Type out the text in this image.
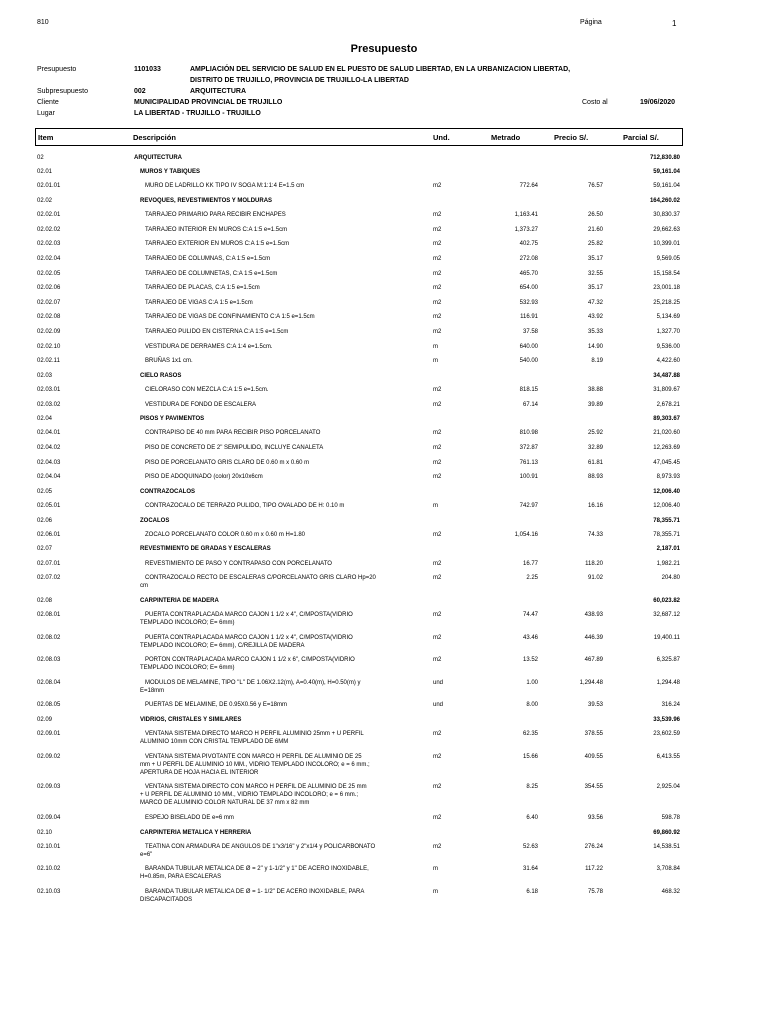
810	Página	1
Presupuesto
Presupuesto	1101033	AMPLIACIÓN DEL SERVICIO DE SALUD EN EL PUESTO DE SALUD LIBERTAD, EN LA URBANIZACION LIBERTAD,
DISTRITO DE TRUJILLO, PROVINCIA DE TRUJILLO-LA LIBERTAD
Subpresupuesto	002	ARQUITECTURA
Cliente	MUNICIPALIDAD PROVINCIAL DE TRUJILLO	Costo al	19/06/2020
Lugar	LA LIBERTAD - TRUJILLO - TRUJILLO
Item	Descripción	Und.	Metrado	Precio S/.	Parcial S/.
02	ARQUITECTURA	712,830.80
02.01	MUROS Y TABIQUES	59,161.04
02.01.01	MURO DE LADRILLO KK TIPO IV SOGA M:1:1:4 E=1.5 cm	m2	772.64	76.57	59,161.04
02.02	REVOQUES, REVESTIMIENTOS Y MOLDURAS	164,260.02
02.02.01	TARRAJEO PRIMARIO PARA RECIBIR ENCHAPES	m2	1,163.41	26.50	30,830.37
02.02.02	TARRAJEO INTERIOR EN MUROS C:A 1:5 e=1.5cm	m2	1,373.27	21.60	29,662.63
02.02.03	TARRAJEO EXTERIOR EN MUROS C:A 1:5 e=1.5cm	m2	402.75	25.82	10,399.01
02.02.04	TARRAJEO DE COLUMNAS, C:A 1:5 e=1.5cm	m2	272.08	35.17	9,569.05
02.02.05	TARRAJEO DE COLUMNETAS, C:A 1:5 e=1.5cm	m2	465.70	32.55	15,158.54
02.02.06	TARRAJEO DE PLACAS, C:A 1:5 e=1.5cm	m2	654.00	35.17	23,001.18
02.02.07	TARRAJEO DE VIGAS C:A 1:5 e=1.5cm	m2	532.93	47.32	25,218.25
02.02.08	TARRAJEO DE VIGAS DE CONFINAMIENTO C:A 1:5 e=1.5cm	m2	116.91	43.92	5,134.69
02.02.09	TARRAJEO PULIDO EN CISTERNA C:A 1:5 e=1.5cm	m2	37.58	35.33	1,327.70
02.02.10	VESTIDURA DE DERRAMES C:A 1:4 e=1.5cm.	m	640.00	14.90	9,536.00
02.02.11	BRUÑAS 1x1 cm.	m	540.00	8.19	4,422.60
02.03	CIELO RASOS	34,487.88
02.03.01	CIELORASO CON MEZCLA C:A 1:5 e=1.5cm.	m2	818.15	38.88	31,809.67
02.03.02	VESTIDURA DE FONDO DE ESCALERA	m2	67.14	39.89	2,678.21
02.04	PISOS Y PAVIMENTOS	89,303.67
02.04.01	CONTRAPISO DE 40 mm PARA RECIBIR PISO PORCELANATO	m2	810.98	25.92	21,020.60
02.04.02	PISO DE CONCRETO DE 2" SEMIPULIDO, INCLUYE CANALETA	m2	372.87	32.89	12,263.69
02.04.03	PISO DE PORCELANATO GRIS CLARO DE 0.60 m x 0.60 m	m2	761.13	61.81	47,045.45
02.04.04	PISO DE ADOQUINADO (color) 20x10x6cm	m2	100.91	88.93	8,973.93
02.05	CONTRAZOCALOS	12,006.40
02.05.01	CONTRAZOCALO DE TERRAZO PULIDO, TIPO OVALADO DE H: 0.10 m	m	742.97	16.16	12,006.40
02.06	ZOCALOS	78,355.71
02.06.01	ZOCALO PORCELANATO COLOR 0.60 m x 0.60 m H=1.80	m2	1,054.16	74.33	78,355.71
02.07	REVESTIMIENTO DE GRADAS Y ESCALERAS	2,187.01
02.07.01	REVESTIMIENTO DE PASO Y CONTRAPASO CON PORCELANATO	m2	16.77	118.20	1,982.21
02.07.02	CONTRAZOCALO RECTO DE ESCALERAS C/PORCELANATO GRIS CLARO Hp=20
cm
m2	2.25	91.02	204.80
02.08	CARPINTERIA DE MADERA	60,023.82
02.08.01	PUERTA CONTRAPLACADA MARCO CAJON 1 1/2 x 4", C/MPOSTA(VIDRIO
TEMPLADO INCOLORO; E= 6mm)
m2	74.47	438.93	32,687.12
02.08.02	PUERTA CONTRAPLACADA MARCO CAJON 1 1/2 x 4", C/MPOSTA(VIDRIO
TEMPLADO INCOLORO; E= 6mm), C/REJILLA DE MADERA
m2	43.46	446.39	19,400.11
02.08.03	PORTON CONTRAPLACADA MARCO CAJON 1 1/2 x 6", C/MPOSTA(VIDRIO
TEMPLADO INCOLORO; E= 6mm)
m2	13.52	467.89	6,325.87
02.08.04	MODULOS DE MELAMINE, TIPO "L" DE 1.06X2.12(m), A=0.40(m), H=0.50(m) y
E=18mm
und	1.00	1,294.48	1,294.48
02.08.05	PUERTAS DE MELAMINE, DE 0.95X0.56 y E=18mm	und	8.00	39.53	316.24
02.09	VIDRIOS, CRISTALES Y SIMILARES	33,539.96
02.09.01	VENTANA SISTEMA DIRECTO MARCO H PERFIL ALUMINIO 25mm + U PERFIL
ALUMINIO 10mm CON CRISTAL TEMPLADO DE 6MM
m2	62.35	378.55	23,602.59
02.09.02	VENTANA SISTEMA PIVOTANTE CON MARCO H PERFIL DE ALUMINIO DE 25
mm + U PERFIL DE ALUMINIO 10 MM., VIDRIO TEMPLADO INCOLORO; e = 6 mm.;
APERTURA DE HOJA HACIA EL INTERIOR
m2	15.66	409.55	6,413.55
02.09.03	VENTANA SISTEMA DIRECTO CON MARCO H PERFIL DE ALUMINIO DE 25 mm
+ U PERFIL DE ALUMINIO 10 MM., VIDRIO TEMPLADO INCOLORO; e = 6 mm.;
MARCO DE ALUMINIO COLOR NATURAL DE 37 mm x 82 mm
m2	8.25	354.55	2,925.04
02.09.04	ESPEJO BISELADO DE e=6 mm	m2	6.40	93.56	598.78
02.10	CARPINTERIA METALICA Y HERRERIA	69,860.92
02.10.01	TEATINA CON ARMADURA DE ANGULOS DE 1"x3/16" y 2"x1/4 y POLICARBONATO
e=6"
m2	52.63	276.24	14,538.51
02.10.02	BARANDA TUBULAR METALICA DE Ø = 2" y 1-1/2" y 1" DE ACERO INOXIDABLE,
H=0.85m, PARA ESCALERAS
m	31.64	117.22	3,708.84
02.10.03	BARANDA TUBULAR METALICA DE Ø = 1- 1/2" DE ACERO INOXIDABLE, PARA
DISCAPACITADOS
m	6.18	75.78	468.32
